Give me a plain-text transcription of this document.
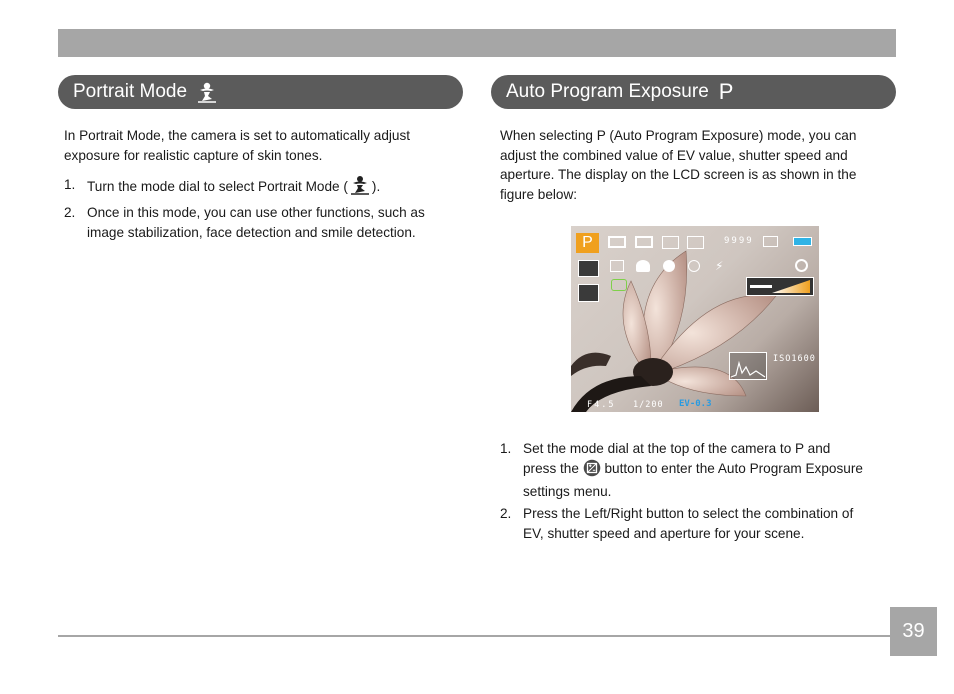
Portrait Mode
In Portrait Mode, the camera is set to automatically adjust
exposure for realistic capture of skin tones.
1. Turn the mode dial to select Portrait Mode ( ).
2. Once in this mode, you can use other functions, such as
image stabilization, face detection and smile detection.
Auto Program Exposure P
When selecting P (Auto Program Exposure) mode, you can
adjust the combined value of EV value, shutter speed and
aperture. The display on the LCD screen is as shown in the
figure below:
P	9999
⚡
ISO1600
F4.5 1/200 EV-0.3
1. Set the mode dial at the top of the camera to P and
press the  button to enter the Auto Program Exposure
settings menu.
2. Press the Left/Right button to select the combination of
EV, shutter speed and aperture for your scene.
39
